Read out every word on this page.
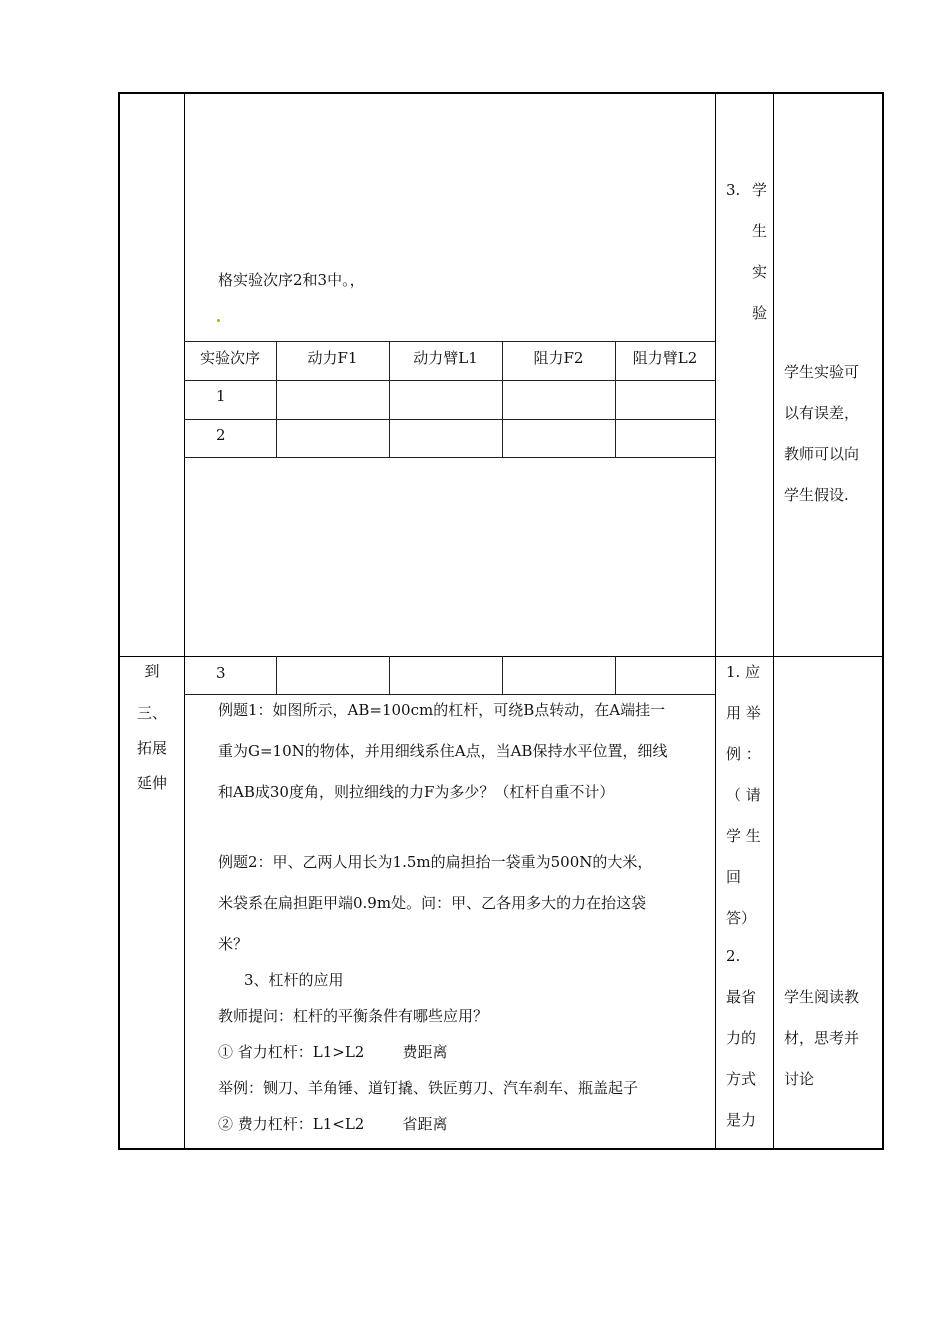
格实验次序2和3中。，
实验次序	动力F1	动力臂L1	阻力F2	阻力臂L2
1
2
3
3. 学
生
实
验
学生实验可
以有误差，
教师可以向
学生假设.
到
三、
拓展
延伸
例题1：如图所示，AB=100cm的杠杆，可绕B点转动，在A端挂一
重为G=10N的物体，并用细线系住A点，当AB保持水平位置，细线
和AB成30度角，则拉细线的力F为多少？（杠杆自重不计）
例题2：甲、乙两人用长为1.5m的扁担抬一袋重为500N的大米，
米袋系在扁担距甲端0.9m处。问：甲、乙各用多大的力在抬这袋
米？
3、杠杆的应用
教师提问：杠杆的平衡条件有哪些应用？
① 省力杠杆：L1>L2        费距离
举例：铡刀、羊角锤、道钉撬、铁匠剪刀、汽车刹车、瓶盖起子
② 费力杠杆：L1<L2        省距离
1. 应
用 举
例 ：
（ 请
学 生
回
答）
2.
最省
力的
方式
是力
学生阅读教
材，思考并
讨论
